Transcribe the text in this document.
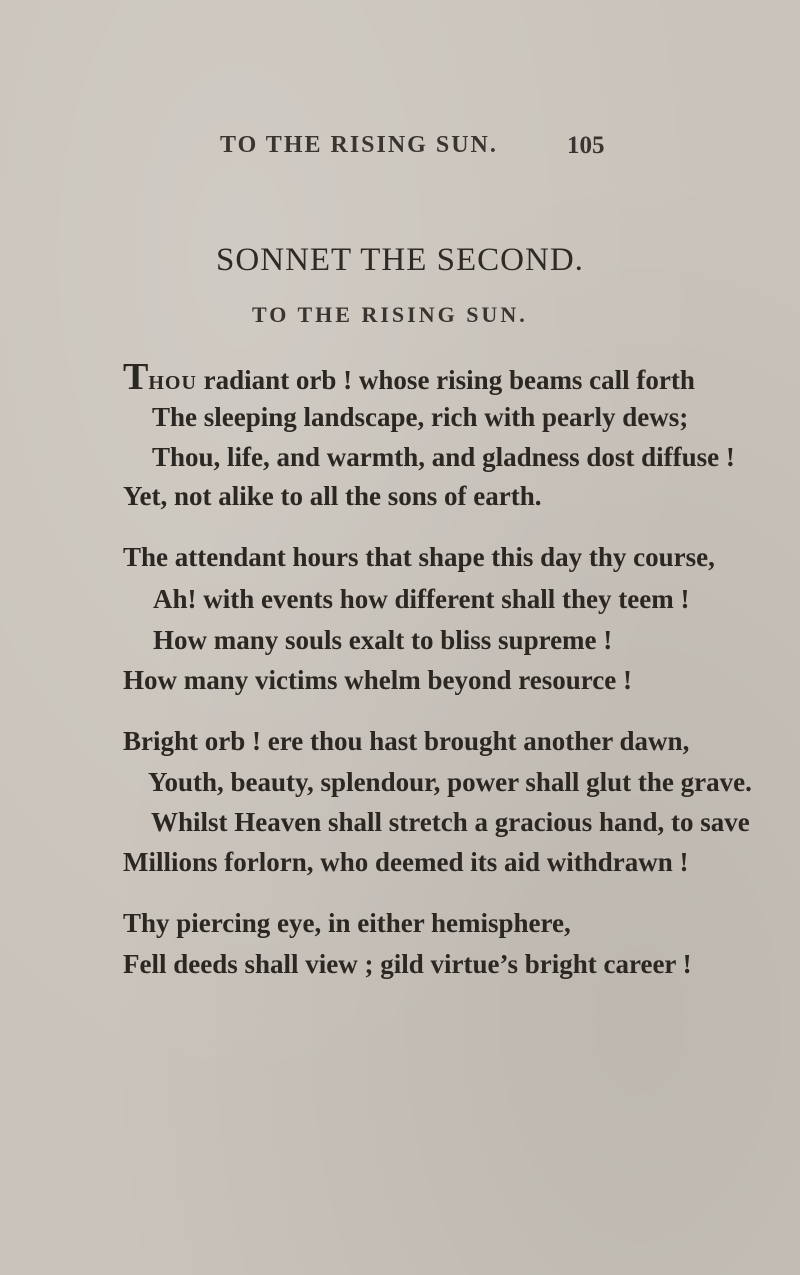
TO THE RISING SUN.	105
SONNET THE SECOND.
TO THE RISING SUN.
THOU radiant orb ! whose rising beams call forth
The sleeping landscape, rich with pearly dews;
Thou, life, and warmth, and gladness dost diffuse !
Yet, not alike to all the sons of earth.
The attendant hours that shape this day thy course,
Ah! with events how different shall they teem !
How many souls exalt to bliss supreme !
How many victims whelm beyond resource !
Bright orb ! ere thou hast brought another dawn,
Youth, beauty, splendour, power shall glut the grave.
Whilst Heaven shall stretch a gracious hand, to save
Millions forlorn, who deemed its aid withdrawn !
Thy piercing eye, in either hemisphere,
Fell deeds shall view ; gild virtue’s bright career !
